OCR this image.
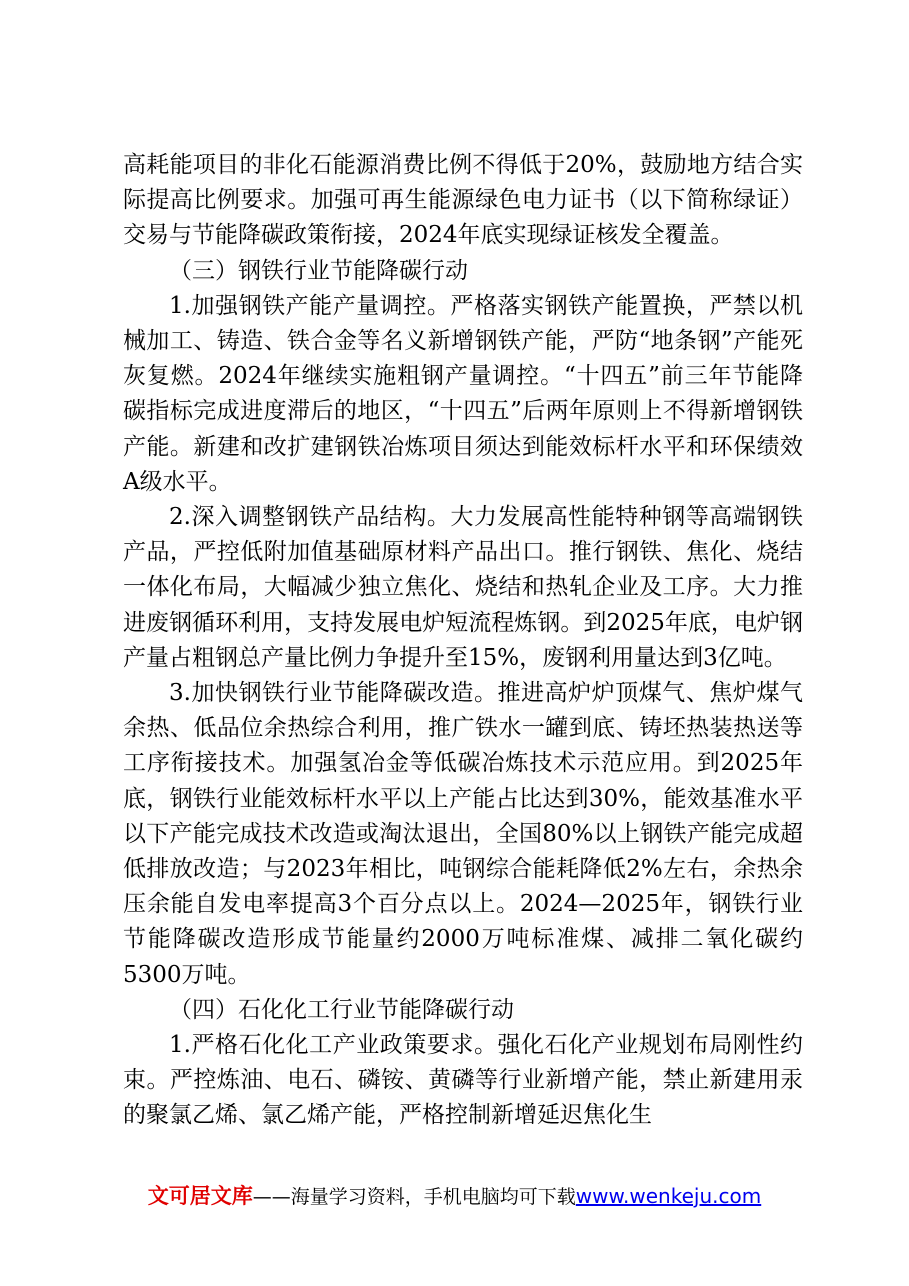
高耗能项目的非化石能源消费比例不得低于20%，鼓励地方结合实际提高比例要求。加强可再生能源绿色电力证书（以下简称绿证）交易与节能降碳政策衔接，2024年底实现绿证核发全覆盖。

（三）钢铁行业节能降碳行动

1.加强钢铁产能产量调控。严格落实钢铁产能置换，严禁以机械加工、铸造、铁合金等名义新增钢铁产能，严防“地条钢”产能死灰复燃。2024年继续实施粗钢产量调控。“十四五”前三年节能降碳指标完成进度滞后的地区，“十四五”后两年原则上不得新增钢铁产能。新建和改扩建钢铁冶炼项目须达到能效标杆水平和环保绩效A级水平。

2.深入调整钢铁产品结构。大力发展高性能特种钢等高端钢铁产品，严控低附加值基础原材料产品出口。推行钢铁、焦化、烧结一体化布局，大幅减少独立焦化、烧结和热轧企业及工序。大力推进废钢循环利用，支持发展电炉短流程炼钢。到2025年底，电炉钢产量占粗钢总产量比例力争提升至15%，废钢利用量达到3亿吨。

3.加快钢铁行业节能降碳改造。推进高炉炉顶煤气、焦炉煤气余热、低品位余热综合利用，推广铁水一罐到底、铸坯热装热送等工序衔接技术。加强氢冶金等低碳冶炼技术示范应用。到2025年底，钢铁行业能效标杆水平以上产能占比达到30%，能效基准水平以下产能完成技术改造或淘汰退出，全国80%以上钢铁产能完成超低排放改造；与2023年相比，吨钢综合能耗降低2%左右，余热余压余能自发电率提高3个百分点以上。2024—2025年，钢铁行业节能降碳改造形成节能量约2000万吨标准煤、减排二氧化碳约5300万吨。

（四）石化化工行业节能降碳行动

1.严格石化化工产业政策要求。强化石化产业规划布局刚性约束。严控炼油、电石、磷铵、黄磷等行业新增产能，禁止新建用汞的聚氯乙烯、氯乙烯产能，严格控制新增延迟焦化生

文可居文库——海量学习资料，手机电脑均可下载www.wenkeju.com
